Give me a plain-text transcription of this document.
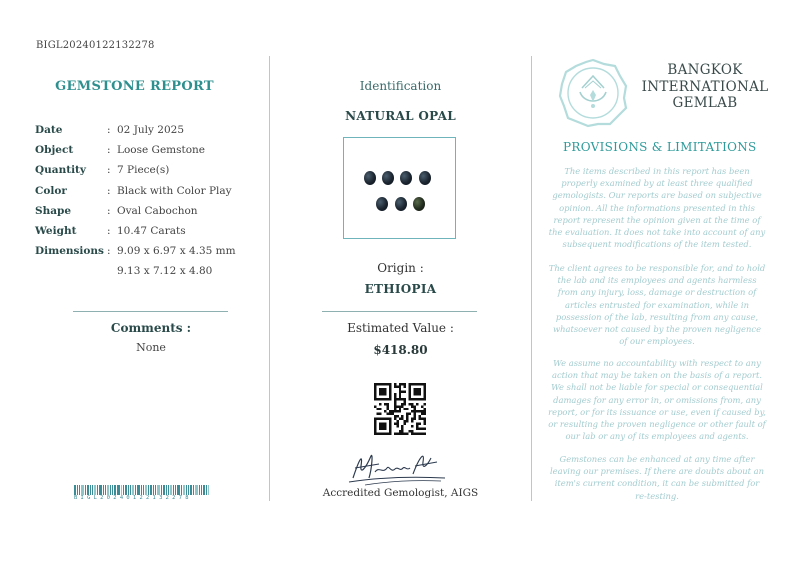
BIGL20240122132278
GEMSTONE REPORT
Date	: 02 July 2025
Object	: Loose Gemstone
Quantity	: 7 Piece(s)
Color	: Black with Color Play
Shape	: Oval Cabochon
Weight	: 10.47 Carats
Dimensions : 9.09 x 6.97 x 4.35 mm
9.13 x 7.12 x 4.80
Comments :
None
BIGL20240122132278
Identification
NATURAL OPAL
Origin :
ETHIOPIA
Estimated Value :
$418.80
Accredited Gemologist, AIGS
BANGKOK
INTERNATIONAL
GEMLAB
PROVISIONS & LIMITATIONS
The items described in this report has been properly examined by at least three qualified gemologists. Our reports are based on subjective opinion. All the informations presented in this report represent the opinion given at the time of the evaluation. It does not take into account of any subsequent modifications of the item tested.
The client agrees to be responsible for, and to hold the lab and its employees and agents harmless from any injury, loss, damage or destruction of articles entrusted for examination, while in possession of the lab, resulting from any cause, whatsoever not caused by the proven negligence of our employees.
We assume no accountability with respect to any action that may be taken on the basis of a report. We shall not be liable for special or consequential damages for any error in, or omissions from, any report, or for its issuance or use, even if caused by, or resulting the proven negligence or other fault of our lab or any of its employees and agents.
Gemstones can be enhanced at any time after leaving our premises. If there are doubts about an item's current condition, it can be submitted for re-testing.
